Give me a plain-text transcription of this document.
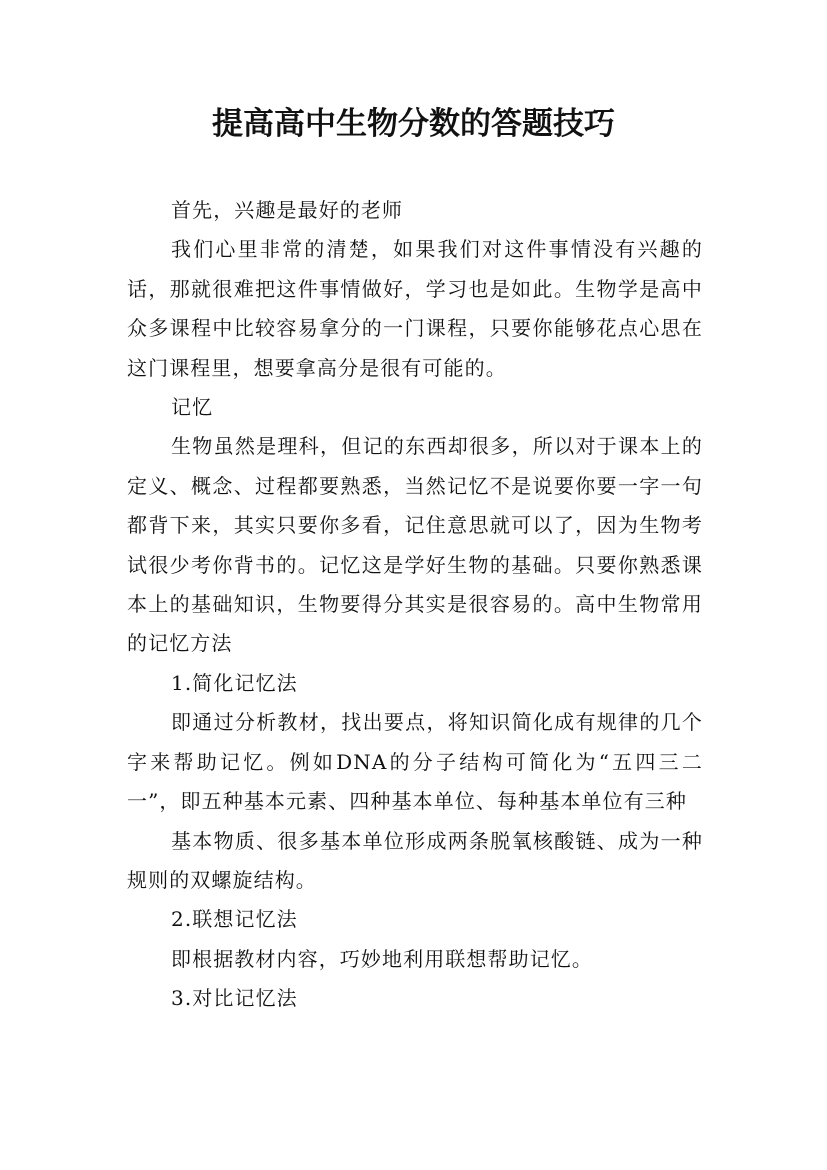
提高高中生物分数的答题技巧

首先，兴趣是最好的老师

我们心里非常的清楚，如果我们对这件事情没有兴趣的话，那就很难把这件事情做好，学习也是如此。生物学是高中众多课程中比较容易拿分的一门课程，只要你能够花点心思在这门课程里，想要拿高分是很有可能的。

记忆

生物虽然是理科，但记的东西却很多，所以对于课本上的定义、概念、过程都要熟悉，当然记忆不是说要你要一字一句都背下来，其实只要你多看，记住意思就可以了，因为生物考试很少考你背书的。记忆这是学好生物的基础。只要你熟悉课本上的基础知识，生物要得分其实是很容易的。高中生物常用的记忆方法

1.简化记忆法

即通过分析教材，找出要点，将知识简化成有规律的几个字来帮助记忆。例如DNA的分子结构可简化为“五四三二一”，即五种基本元素、四种基本单位、每种基本单位有三种

基本物质、很多基本单位形成两条脱氧核酸链、成为一种规则的双螺旋结构。

2.联想记忆法

即根据教材内容，巧妙地利用联想帮助记忆。

3.对比记忆法
